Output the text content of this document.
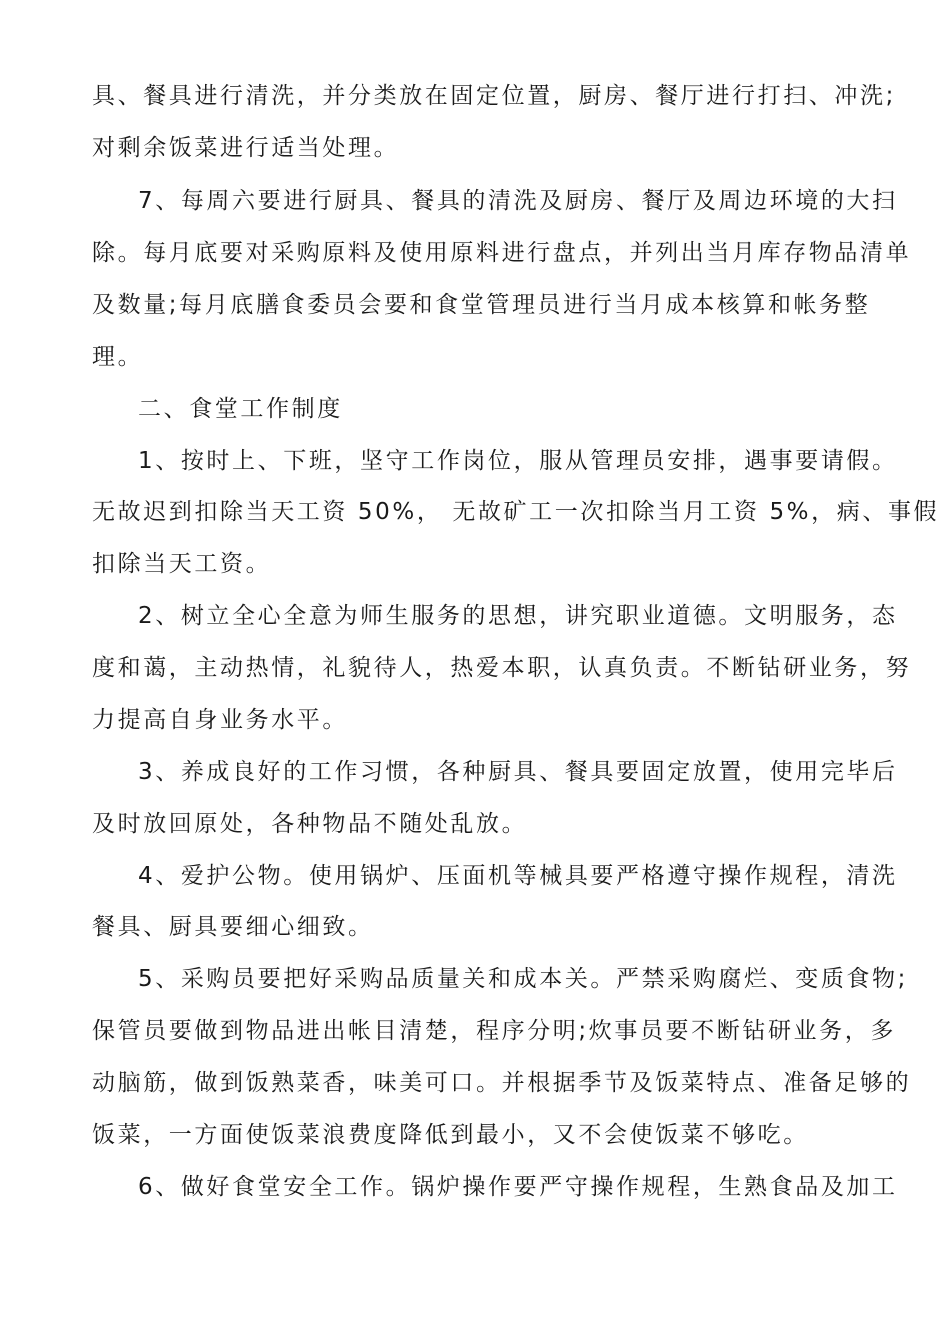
具、餐具进行清洗，并分类放在固定位置，厨房、餐厅进行打扫、冲洗;
对剩余饭菜进行适当处理。
7、每周六要进行厨具、餐具的清洗及厨房、餐厅及周边环境的大扫
除。每月底要对采购原料及使用原料进行盘点，并列出当月库存物品清单
及数量;每月底膳食委员会要和食堂管理员进行当月成本核算和帐务整
理。
二、食堂工作制度
1、按时上、下班，坚守工作岗位，服从管理员安排，遇事要请假。
无故迟到扣除当天工资 50%， 无故矿工一次扣除当月工资 5%，病、事假
扣除当天工资。
2、树立全心全意为师生服务的思想，讲究职业道德。文明服务，态
度和蔼，主动热情，礼貌待人，热爱本职，认真负责。不断钻研业务，努
力提高自身业务水平。
3、养成良好的工作习惯，各种厨具、餐具要固定放置，使用完毕后
及时放回原处，各种物品不随处乱放。
4、爱护公物。使用锅炉、压面机等械具要严格遵守操作规程，清洗
餐具、厨具要细心细致。
5、采购员要把好采购品质量关和成本关。严禁采购腐烂、变质食物;
保管员要做到物品进出帐目清楚，程序分明;炊事员要不断钻研业务，多
动脑筋，做到饭熟菜香，味美可口。并根据季节及饭菜特点、准备足够的
饭菜，一方面使饭菜浪费度降低到最小，又不会使饭菜不够吃。
6、做好食堂安全工作。锅炉操作要严守操作规程，生熟食品及加工
